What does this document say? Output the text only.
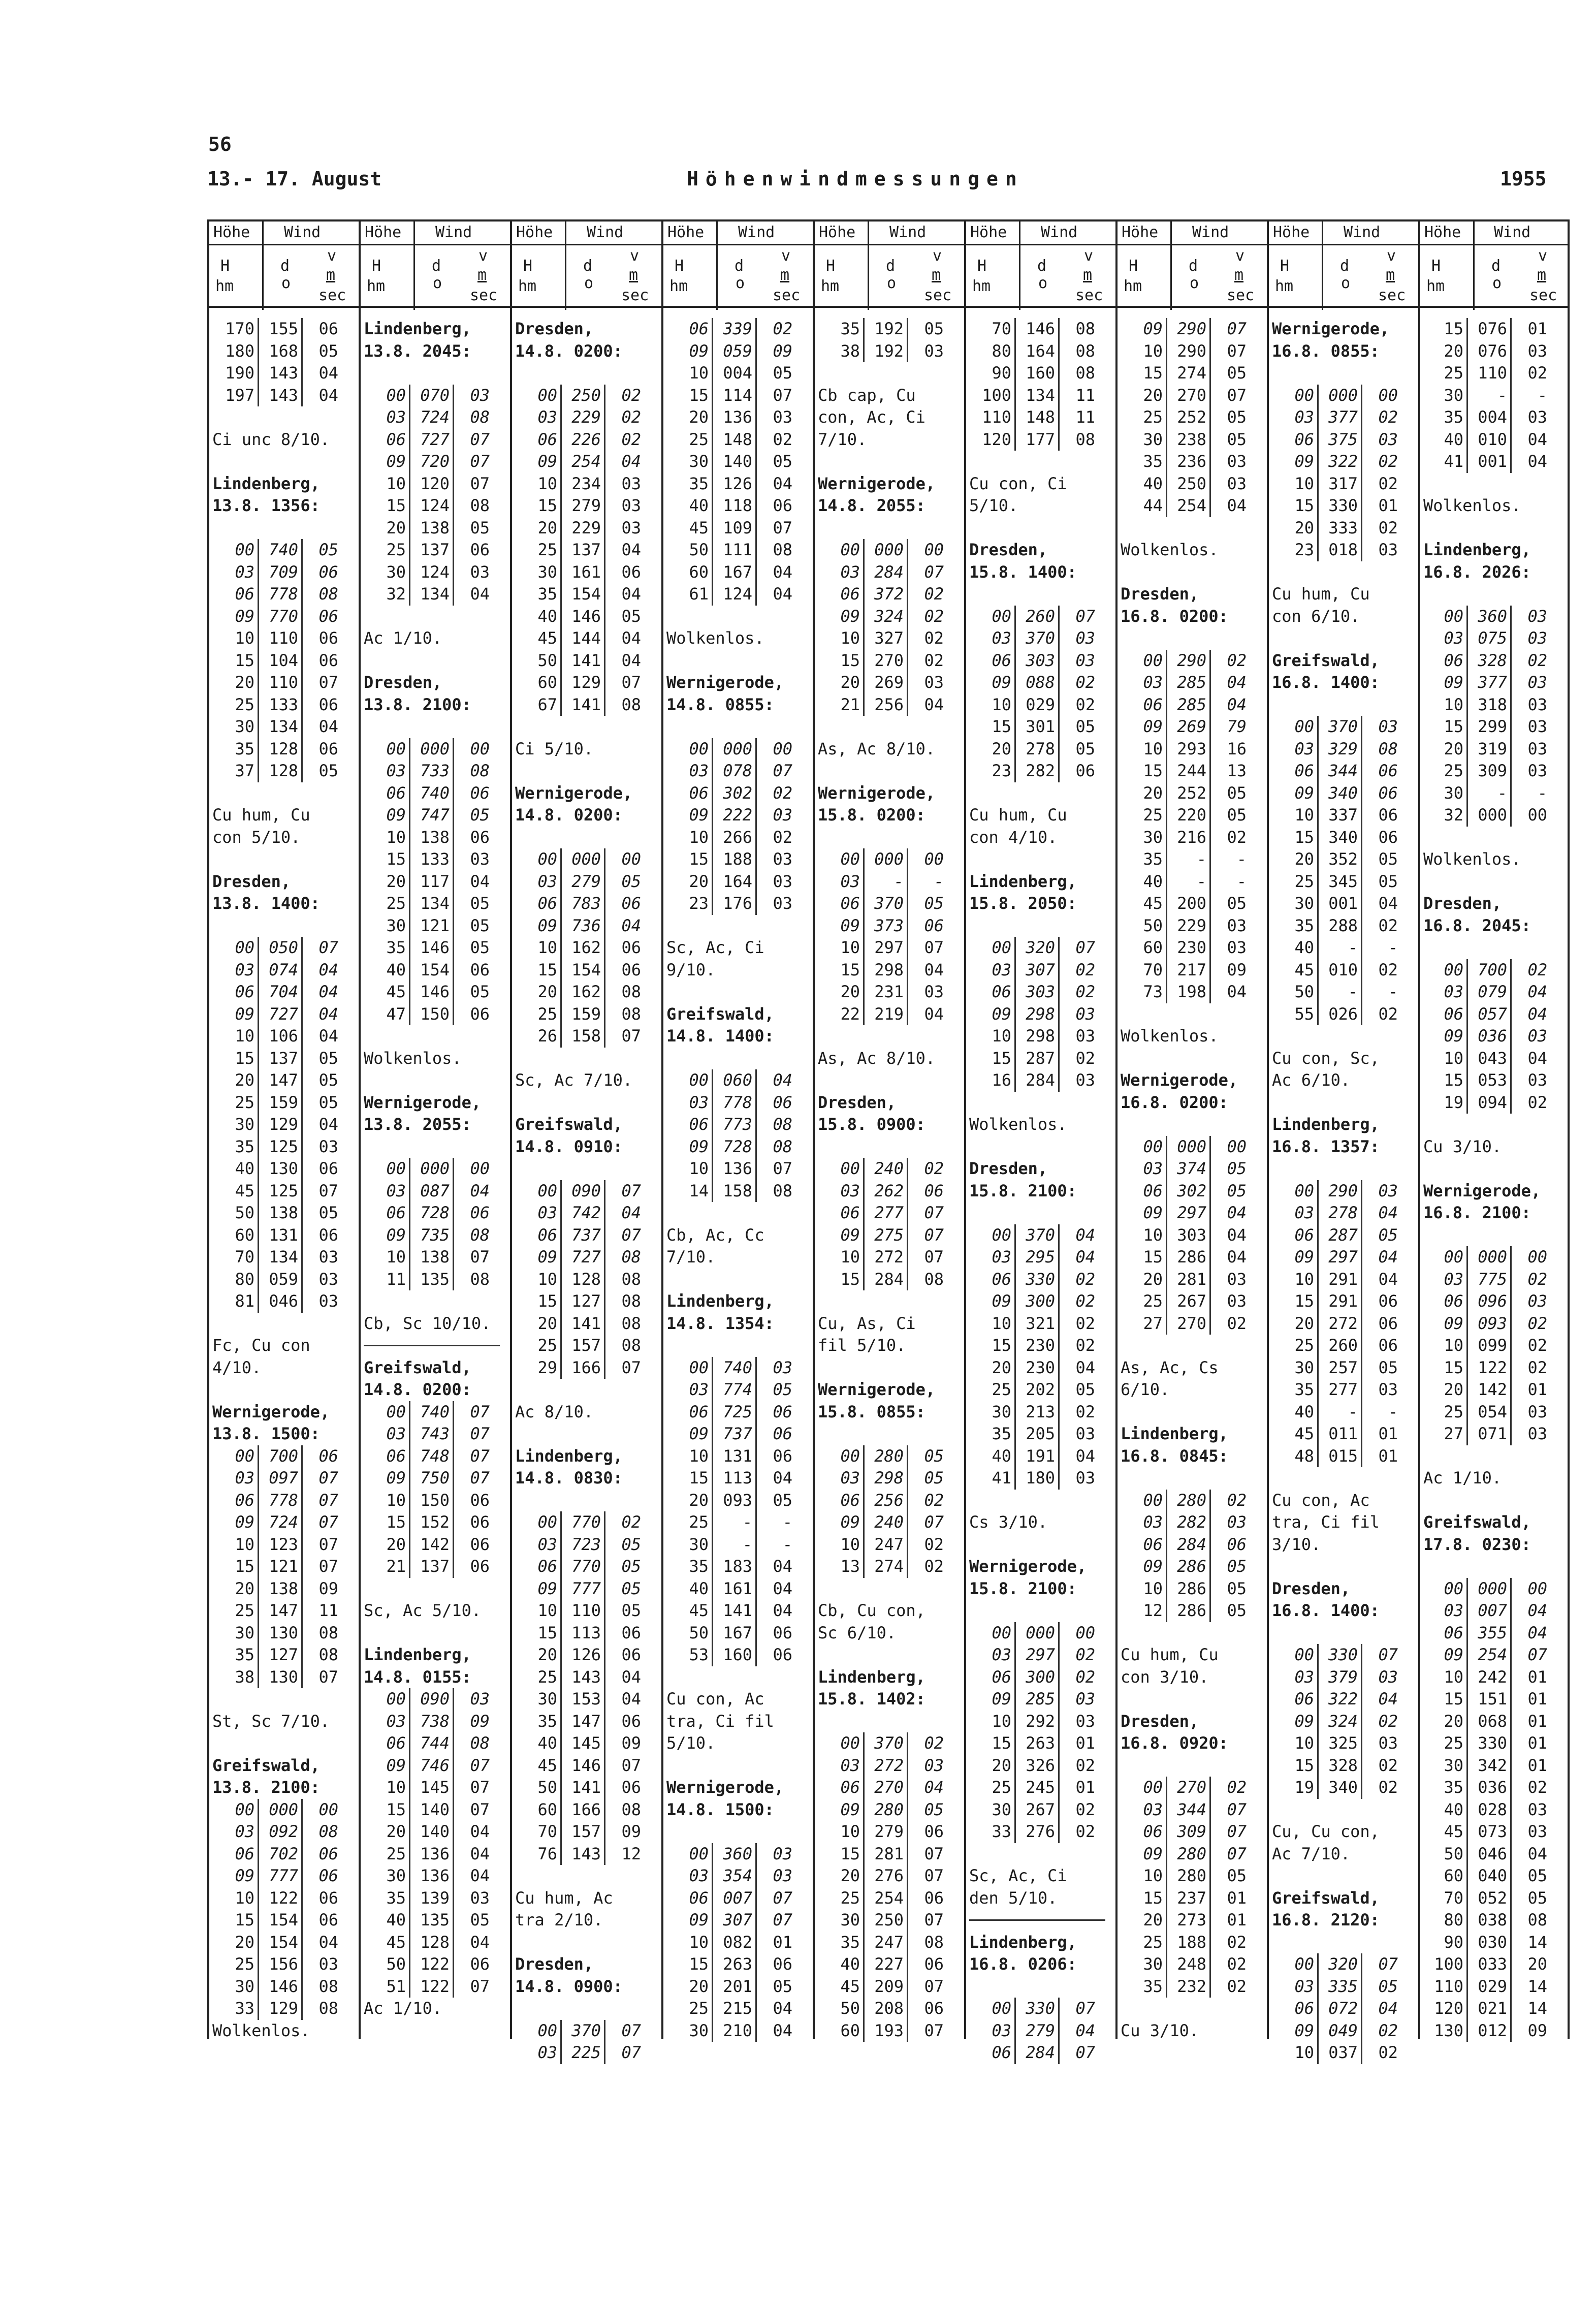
56
13.- 17. August	Höhenwindmessungen	1955
Höhe Wind
H
hm
d
o
v
m
sec
170 155	06
180 168	05
190 143	04
197 143	04
Ci unc 8/10.
Lindenberg,
13.8. 1356:
00 740	05
03 709	06
06 778	08
09 770	06
10 110	06
15 104	06
20 110	07
25 133	06
30 134	04
35 128	06
37 128	05
Cu hum, Cu
con 5/10.
Dresden,
13.8. 1400:
00 050	07
03 074	04
06 704	04
09 727	04
10 106	04
15 137	05
20 147	05
25 159	05
30 129	04
35 125	03
40 130	06
45 125	07
50 138	05
60 131	06
70 134	03
80 059	03
81 046	03
Fc, Cu con
4/10.
Wernigerode,
13.8. 1500:
00 700	06
03 097	07
06 778	07
09 724	07
10 123	07
15 121	07
20 138	09
25 147	11
30 130	08
35 127	08
38 130	07
St, Sc 7/10.
Greifswald,
13.8. 2100:
00 000	00
03 092	08
06 702	06
09 777	06
10 122	06
15 154	06
20 154	04
25 156	03
30 146	08
33 129	08
Wolkenlos.
Höhe Wind
H
hm
d
o
v
m
sec
Lindenberg,
13.8. 2045:
00 070	03
03 724	08
06 727	07
09 720	07
10 120	07
15 124	08
20 138	05
25 137	06
30 124	03
32 134	04
Ac 1/10.
Dresden,
13.8. 2100:
00 000	00
03 733	08
06 740	06
09 747	05
10 138	06
15 133	03
20 117	04
25 134	05
30 121	05
35 146	05
40 154	06
45 146	05
47 150	06
Wolkenlos.
Wernigerode,
13.8. 2055:
00 000	00
03 087	04
06 728	06
09 735	08
10 138	07
11 135	08
Cb, Sc 10/10.
Greifswald,
14.8. 0200:
00 740	07
03 743	07
06 748	07
09 750	07
10 150	06
15 152	06
20 142	06
21 137	06
Sc, Ac 5/10.
Lindenberg,
14.8. 0155:
00 090	03
03 738	09
06 744	08
09 746	07
10 145	07
15 140	07
20 140	04
25 136	04
30 136	04
35 139	03
40 135	05
45 128	04
50 122	06
51 122	07
Ac 1/10.
Höhe Wind
H
hm
d
o
v
m
sec
Dresden,
14.8. 0200:
00 250	02
03 229	02
06 226	02
09 254	04
10 234	03
15 279	03
20 229	03
25 137	04
30 161	06
35 154	04
40 146	05
45 144	04
50 141	04
60 129	07
67 141	08
Ci 5/10.
Wernigerode,
14.8. 0200:
00 000	00
03 279	05
06 783	06
09 736	04
10 162	06
15 154	06
20 162	08
25 159	08
26 158	07
Sc, Ac 7/10.
Greifswald,
14.8. 0910:
00 090	07
03 742	04
06 737	07
09 727	08
10 128	08
15 127	08
20 141	08
25 157	08
29 166	07
Ac 8/10.
Lindenberg,
14.8. 0830:
00 770	02
03 723	05
06 770	05
09 777	05
10 110	05
15 113	06
20 126	06
25 143	04
30 153	04
35 147	06
40 145	09
45 146	07
50 141	06
60 166	08
70 157	09
76 143	12
Cu hum, Ac
tra 2/10.
Dresden,
14.8. 0900:
00 370	07
03 225	07
Höhe Wind
H
hm
d
o
v
m
sec
06 339	02
09 059	09
10 004	05
15 114	07
20 136	03
25 148	02
30 140	05
35 126	04
40 118	06
45 109	07
50 111	08
60 167	04
61 124	04
Wolkenlos.
Wernigerode,
14.8. 0855:
00 000	00
03 078	07
06 302	02
09 222	03
10 266	02
15 188	03
20 164	03
23 176	03
Sc, Ac, Ci
9/10.
Greifswald,
14.8. 1400:
00 060	04
03 778	06
06 773	08
09 728	08
10 136	07
14 158	08
Cb, Ac, Cc
7/10.
Lindenberg,
14.8. 1354:
00 740	03
03 774	05
06 725	06
09 737	06
10 131	06
15 113	04
20 093	05
25	-	-
30	-	-
35 183	04
40 161	04
45 141	04
50 167	06
53 160	06
Cu con, Ac
tra, Ci fil
5/10.
Wernigerode,
14.8. 1500:
00 360	03
03 354	03
06 007	07
09 307	07
10 082	01
15 263	06
20 201	05
25 215	04
30 210	04
Höhe Wind
H
hm
d
o
v
m
sec
35 192	05
38 192	03
Cb cap, Cu
con, Ac, Ci
7/10.
Wernigerode,
14.8. 2055:
00 000	00
03 284	07
06 372	02
09 324	02
10 327	02
15 270	02
20 269	03
21 256	04
As, Ac 8/10.
Wernigerode,
15.8. 0200:
00 000	00
03	-	-
06 370	05
09 373	06
10 297	07
15 298	04
20 231	03
22 219	04
As, Ac 8/10.
Dresden,
15.8. 0900:
00 240	02
03 262	06
06 277	07
09 275	07
10 272	07
15 284	08
Cu, As, Ci
fil 5/10.
Wernigerode,
15.8. 0855:
00 280	05
03 298	05
06 256	02
09 240	07
10 247	02
13 274	02
Cb, Cu con,
Sc 6/10.
Lindenberg,
15.8. 1402:
00 370	02
03 272	03
06 270	04
09 280	05
10 279	06
15 281	07
20 276	07
25 254	06
30 250	07
35 247	08
40 227	06
45 209	07
50 208	06
60 193	07
Höhe Wind
H
hm
d
o
v
m
sec
70 146	08
80 164	08
90 160	08
100 134	11
110 148	11
120 177	08
Cu con, Ci
5/10.
Dresden,
15.8. 1400:
00 260	07
03 370	03
06 303	03
09 088	02
10 029	02
15 301	05
20 278	05
23 282	06
Cu hum, Cu
con 4/10.
Lindenberg,
15.8. 2050:
00 320	07
03 307	02
06 303	02
09 298	03
10 298	03
15 287	02
16 284	03
Wolkenlos.
Dresden,
15.8. 2100:
00 370	04
03 295	04
06 330	02
09 300	02
10 321	02
15 230	02
20 230	04
25 202	05
30 213	02
35 205	03
40 191	04
41 180	03
Cs 3/10.
Wernigerode,
15.8. 2100:
00 000	00
03 297	02
06 300	02
09 285	03
10 292	03
15 263	01
20 326	02
25 245	01
30 267	02
33 276	02
Sc, Ac, Ci
den 5/10.
Lindenberg,
16.8. 0206:
00 330	07
03 279	04
06 284	07
Höhe Wind
H
hm
d
o
v
m
sec
09 290	07
10 290	07
15 274	05
20 270	07
25 252	05
30 238	05
35 236	03
40 250	03
44 254	04
Wolkenlos.
Dresden,
16.8. 0200:
00 290	02
03 285	04
06 285	04
09 269	79
10 293	16
15 244	13
20 252	05
25 220	05
30 216	02
35	-	-
40	-	-
45 200	05
50 229	03
60 230	03
70 217	09
73 198	04
Wolkenlos.
Wernigerode,
16.8. 0200:
00 000	00
03 374	05
06 302	05
09 297	04
10 303	04
15 286	04
20 281	03
25 267	03
27 270	02
As, Ac, Cs
6/10.
Lindenberg,
16.8. 0845:
00 280	02
03 282	03
06 284	06
09 286	05
10 286	05
12 286	05
Cu hum, Cu
con 3/10.
Dresden,
16.8. 0920:
00 270	02
03 344	07
06 309	07
09 280	07
10 280	05
15 237	01
20 273	01
25 188	02
30 248	02
35 232	02
Cu 3/10.
Höhe Wind
H
hm
d
o
v
m
sec
Wernigerode,
16.8. 0855:
00 000	00
03 377	02
06 375	03
09 322	02
10 317	02
15 330	01
20 333	02
23 018	03
Cu hum, Cu
con 6/10.
Greifswald,
16.8. 1400:
00 370	03
03 329	08
06 344	06
09 340	06
10 337	06
15 340	06
20 352	05
25 345	05
30 001	04
35 288	02
40	-	-
45 010	02
50	-	-
55 026	02
Cu con, Sc,
Ac 6/10.
Lindenberg,
16.8. 1357:
00 290	03
03 278	04
06 287	05
09 297	04
10 291	04
15 291	06
20 272	06
25 260	06
30 257	05
35 277	03
40	-	-
45 011	01
48 015	01
Cu con, Ac
tra, Ci fil
3/10.
Dresden,
16.8. 1400:
00 330	07
03 379	03
06 322	04
09 324	02
10 325	03
15 328	02
19 340	02
Cu, Cu con,
Ac 7/10.
Greifswald,
16.8. 2120:
00 320	07
03 335	05
06 072	04
09 049	02
10 037	02
Höhe Wind
H
hm
d
o
v
m
sec
15 076	01
20 076	03
25 110	02
30	-	-
35 004	03
40 010	04
41 001	04
Wolkenlos.
Lindenberg,
16.8. 2026:
00 360	03
03 075	03
06 328	02
09 377	03
10 318	03
15 299	03
20 319	03
25 309	03
30	-	-
32 000	00
Wolkenlos.
Dresden,
16.8. 2045:
00 700	02
03 079	04
06 057	04
09 036	03
10 043	04
15 053	03
19 094	02
Cu 3/10.
Wernigerode,
16.8. 2100:
00 000	00
03 775	02
06 096	03
09 093	02
10 099	02
15 122	02
20 142	01
25 054	03
27 071	03
Ac 1/10.
Greifswald,
17.8. 0230:
00 000	00
03 007	04
06 355	04
09 254	07
10 242	01
15 151	01
20 068	01
25 330	01
30 342	01
35 036	02
40 028	03
45 073	03
50 046	04
60 040	05
70 052	05
80 038	08
90 030	14
100 033	20
110 029	14
120 021	14
130 012	09
